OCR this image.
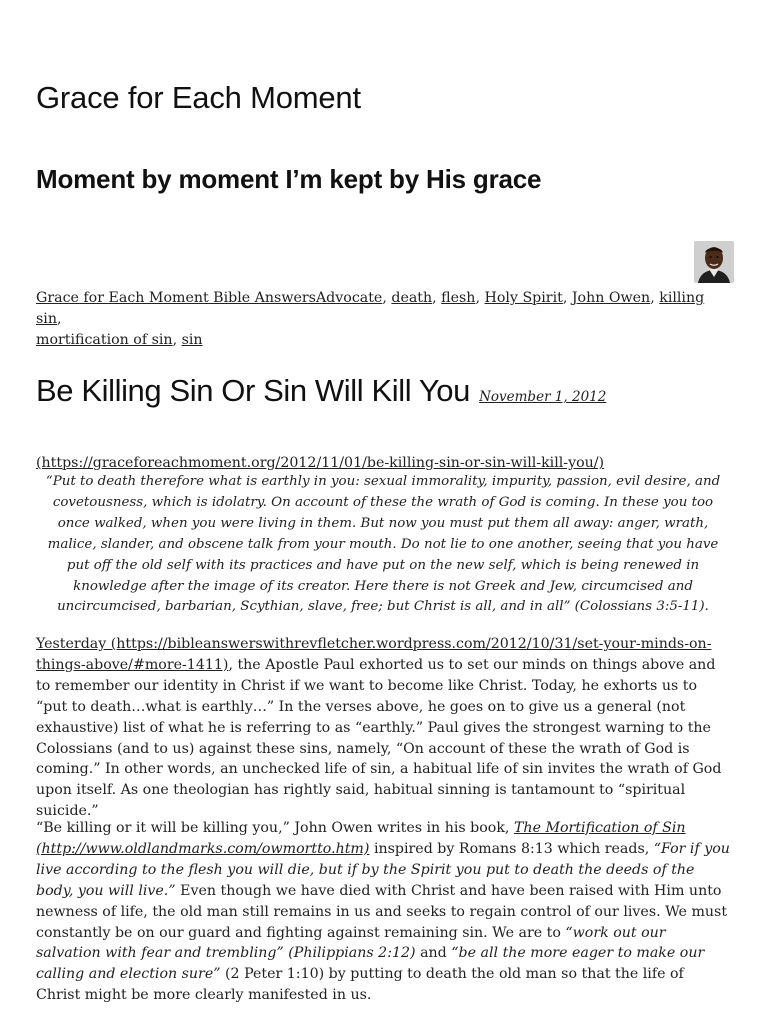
Grace for Each Moment
Moment by moment I’m kept by His grace
Grace for Each Moment Bible AnswersAdvocate, death, flesh, Holy Spirit, John Owen, killing sin,
mortification of sin, sin
Be Killing Sin Or Sin Will Kill You November 1, 2012
(https://graceforeachmoment.org/2012/11/01/be-killing-sin-or-sin-will-kill-you/)

“Put to death therefore what is earthly in you: sexual immorality, impurity, passion, evil desire, and covetousness, which is idolatry. On account of these the wrath of God is coming. In these you too once walked, when you were living in them. But now you must put them all away: anger, wrath, malice, slander, and obscene talk from your mouth. Do not lie to one another, seeing that you have put off the old self with its practices and have put on the new self, which is being renewed in knowledge after the image of its creator. Here there is not Greek and Jew, circumcised and uncircumcised, barbarian, Scythian, slave, free; but Christ is all, and in all” (Colossians 3:5-11).

Yesterday (https://bibleanswerswithrevfletcher.wordpress.com/2012/10/31/set-your-minds-on-things-above/#more-1411), the Apostle Paul exhorted us to set our minds on things above and to remember our identity in Christ if we want to become like Christ. Today, he exhorts us to “put to death…what is earthly…” In the verses above, he goes on to give us a general (not exhaustive) list of what he is referring to as “earthly.” Paul gives the strongest warning to the Colossians (and to us) against these sins, namely, “On account of these the wrath of God is coming.” In other words, an unchecked life of sin, a habitual life of sin invites the wrath of God upon itself. As one theologian has rightly said, habitual sinning is tantamount to “spiritual suicide.”

“Be killing or it will be killing you,” John Owen writes in his book, The Mortification of Sin (http://www.oldlandmarks.com/owmortto.htm) inspired by Romans 8:13 which reads, “For if you live according to the flesh you will die, but if by the Spirit you put to death the deeds of the body, you will live.” Even though we have died with Christ and have been raised with Him unto newness of life, the old man still remains in us and seeks to regain control of our lives. We must constantly be on our guard and fighting against remaining sin. We are to “work out our salvation with fear and trembling” (Philippians 2:12) and “be all the more eager to make our calling and election sure” (2 Peter 1:10) by putting to death the old man so that the life of Christ might be more clearly manifested in us.
